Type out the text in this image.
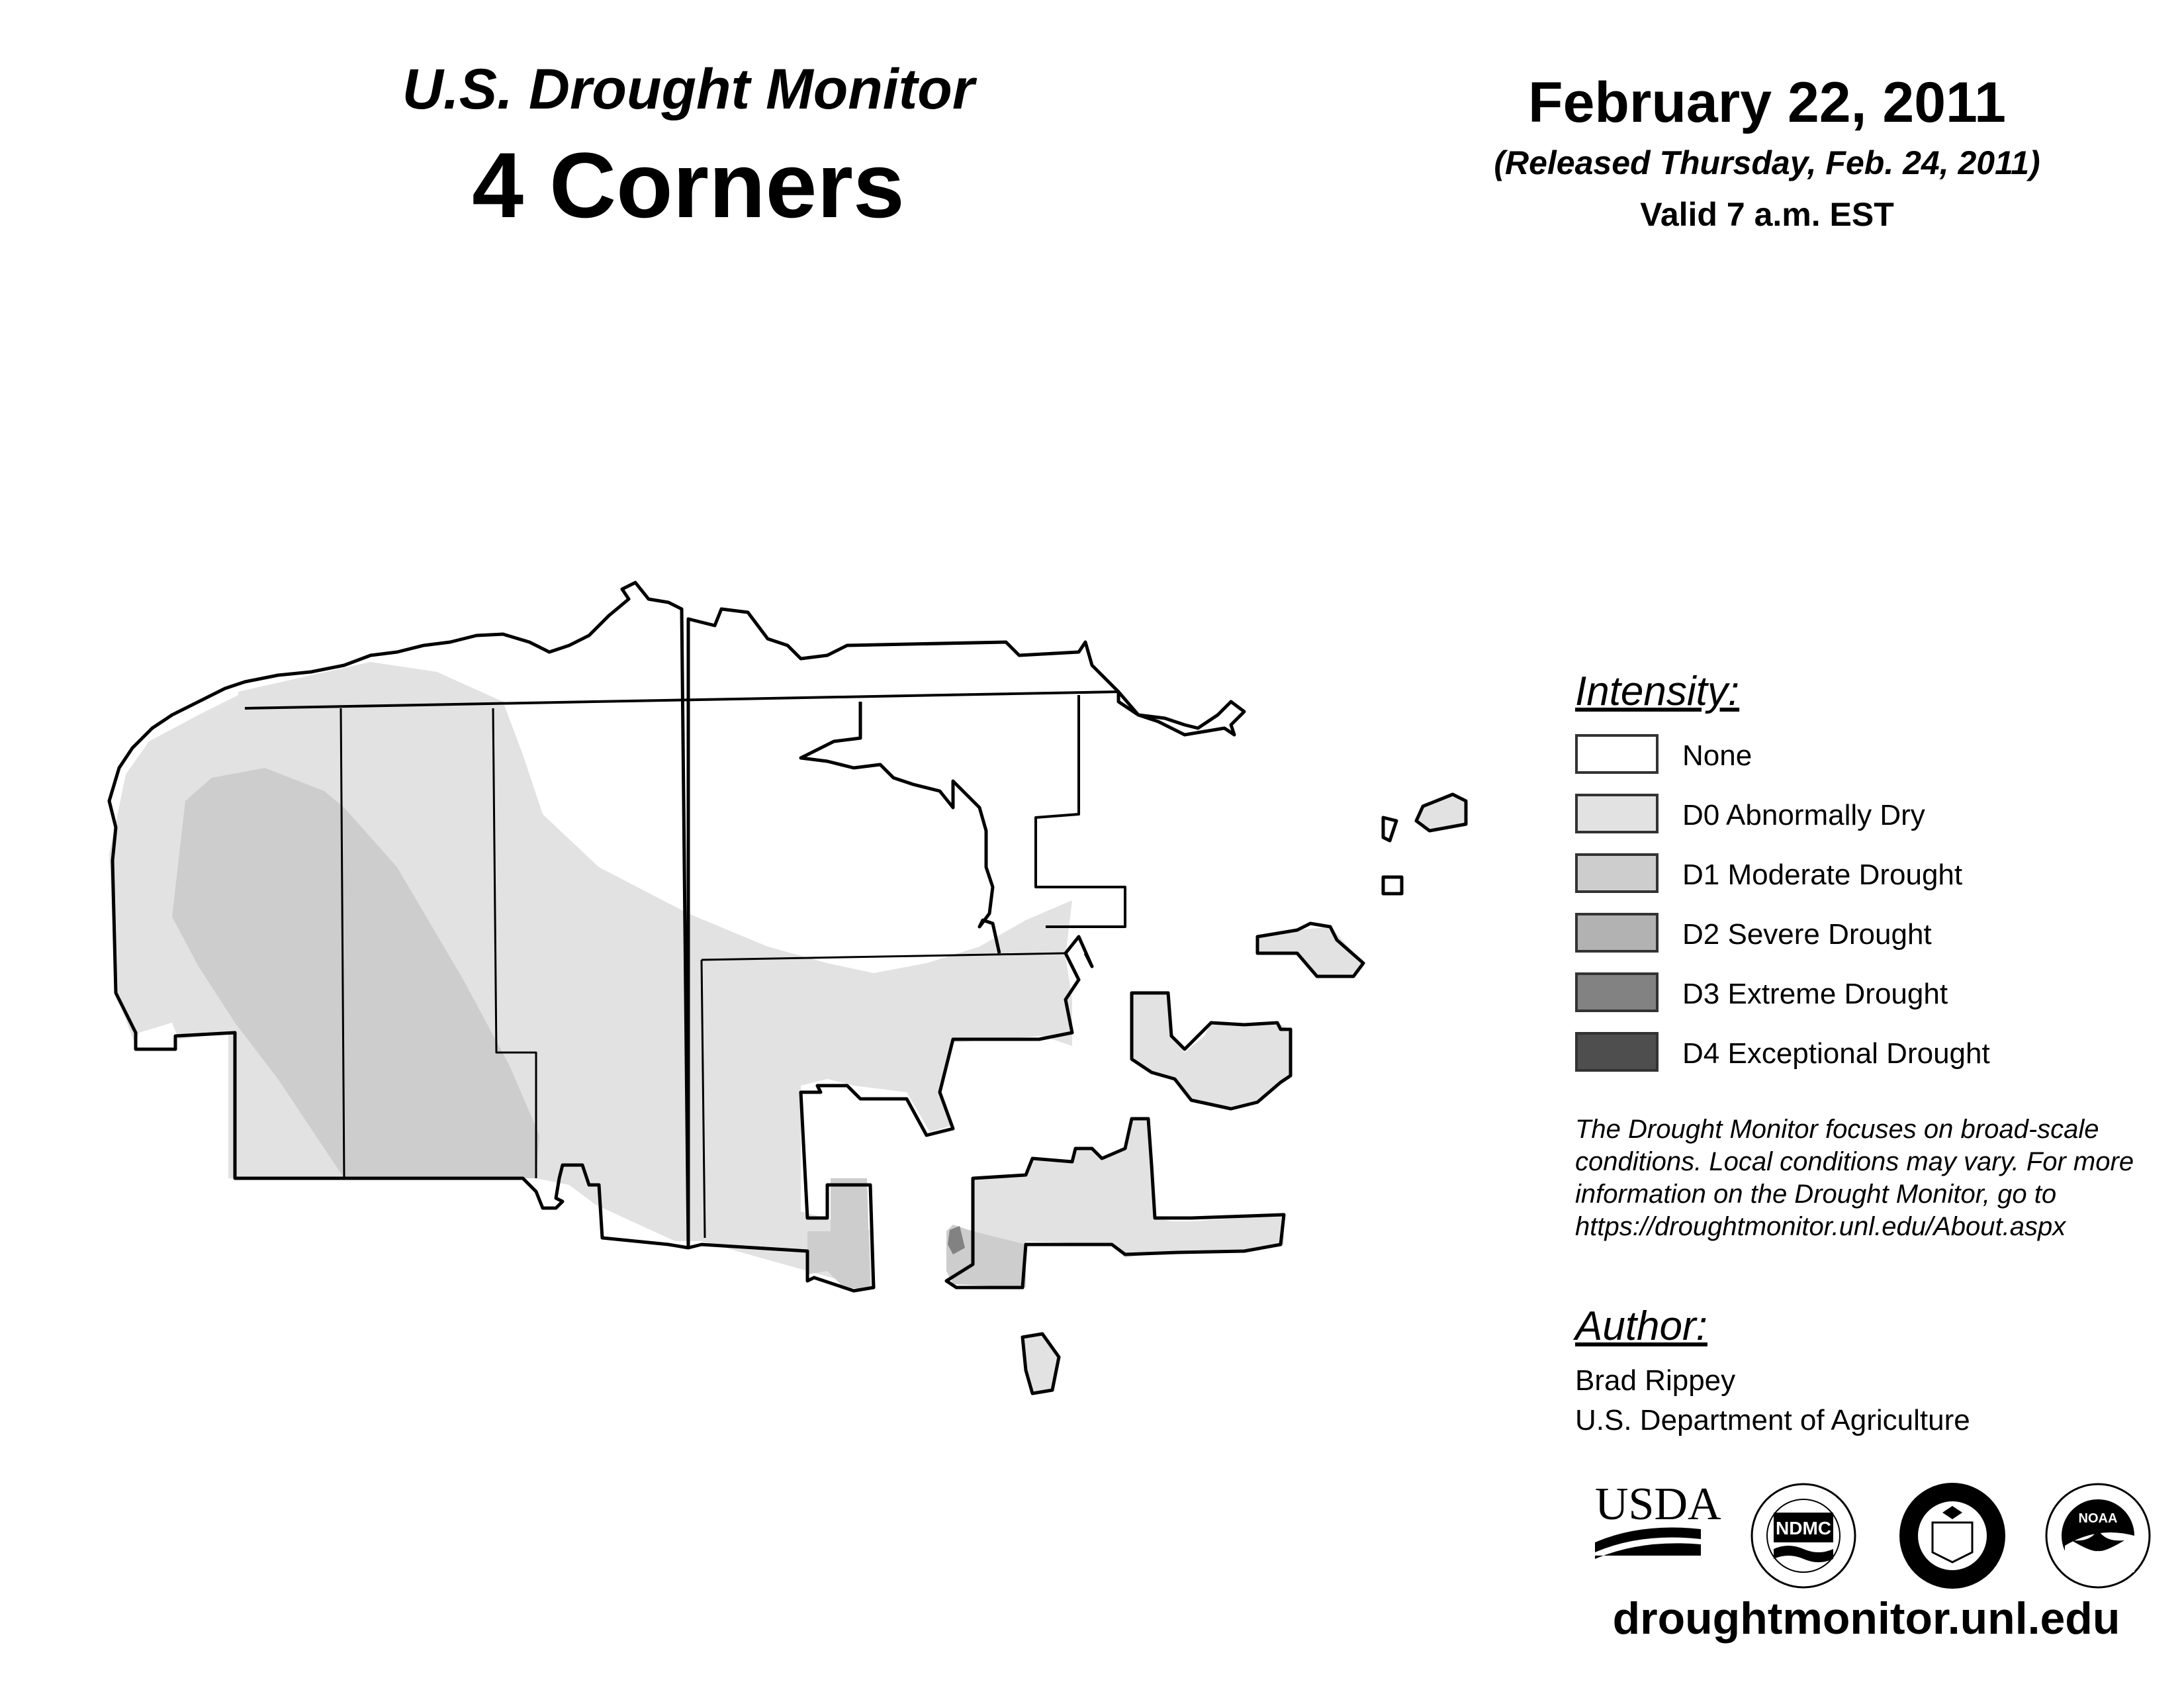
U.S. Drought Monitor
4 Corners
February 22, 2011
(Released Thursday, Feb. 24, 2011)
Valid 7 a.m. EST
Intensity:
None
D0 Abnormally Dry
D1 Moderate Drought
D2 Severe Drought
D3 Extreme Drought
D4 Exceptional Drought
The Drought Monitor focuses on broad-scale
conditions. Local conditions may vary. For more
information on the Drought Monitor, go to
https://droughtmonitor.unl.edu/About.aspx
Author:
Brad Rippey
U.S. Department of Agriculture
USDA	NDMC	NOAA
droughtmonitor.unl.edu
